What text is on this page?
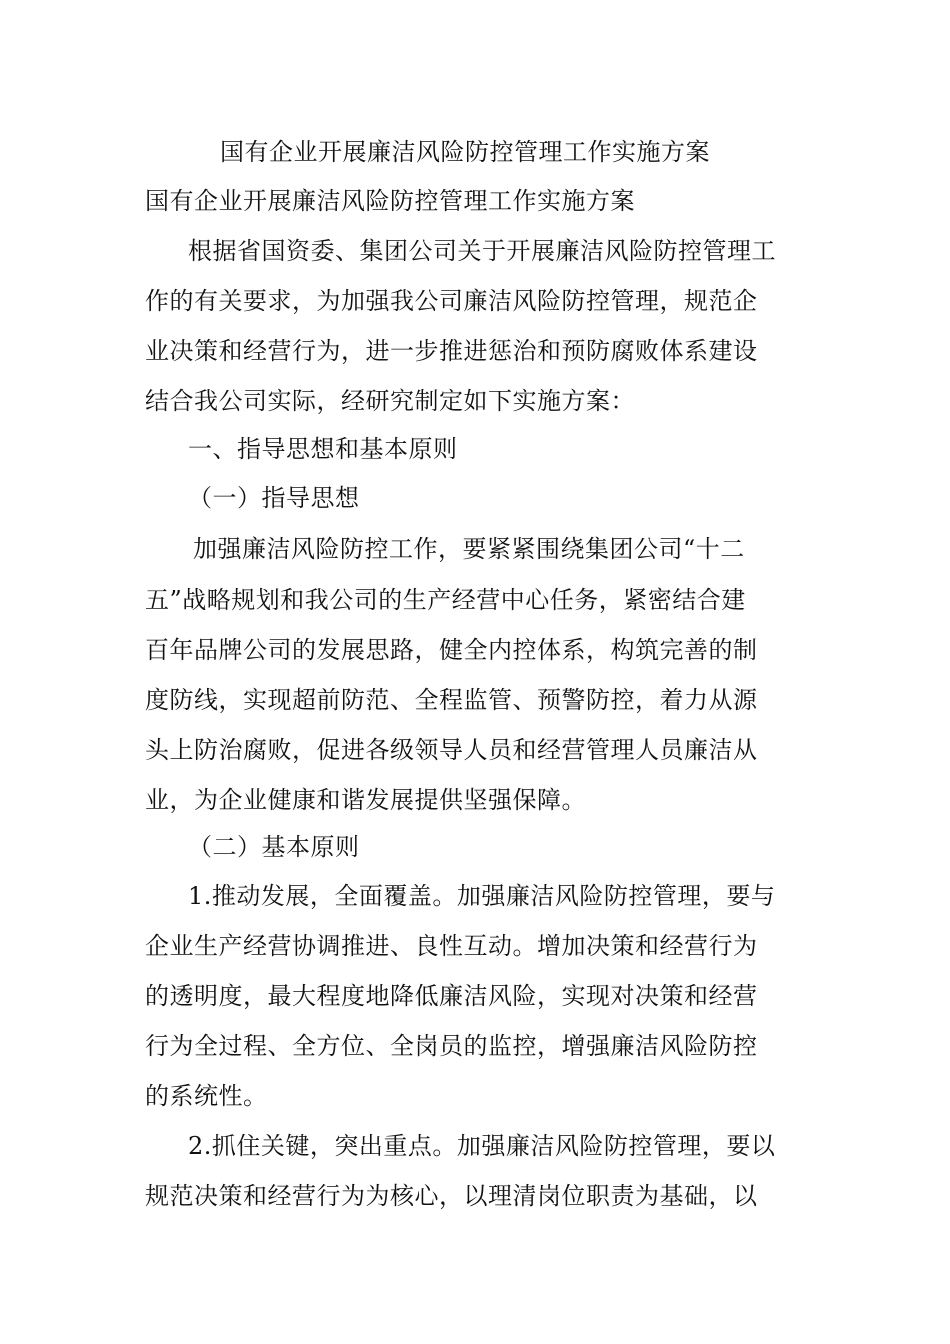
国有企业开展廉洁风险防控管理工作实施方案
国有企业开展廉洁风险防控管理工作实施方案
根据省国资委、集团公司关于开展廉洁风险防控管理工
作的有关要求，为加强我公司廉洁风险防控管理，规范企
业决策和经营行为，进一步推进惩治和预防腐败体系建设
结合我公司实际，经研究制定如下实施方案：
一、指导思想和基本原则
（一）指导思想
加强廉洁风险防控工作，要紧紧围绕集团公司“十二
五”战略规划和我公司的生产经营中心任务，紧密结合建
百年品牌公司的发展思路，健全内控体系，构筑完善的制
度防线，实现超前防范、全程监管、预警防控，着力从源
头上防治腐败，促进各级领导人员和经营管理人员廉洁从
业，为企业健康和谐发展提供坚强保障。
（二）基本原则
1.推动发展，全面覆盖。加强廉洁风险防控管理，要与
企业生产经营协调推进、良性互动。增加决策和经营行为
的透明度，最大程度地降低廉洁风险，实现对决策和经营
行为全过程、全方位、全岗员的监控，增强廉洁风险防控
的系统性。
2.抓住关键，突出重点。加强廉洁风险防控管理，要以
规范决策和经营行为为核心，以理清岗位职责为基础，以
